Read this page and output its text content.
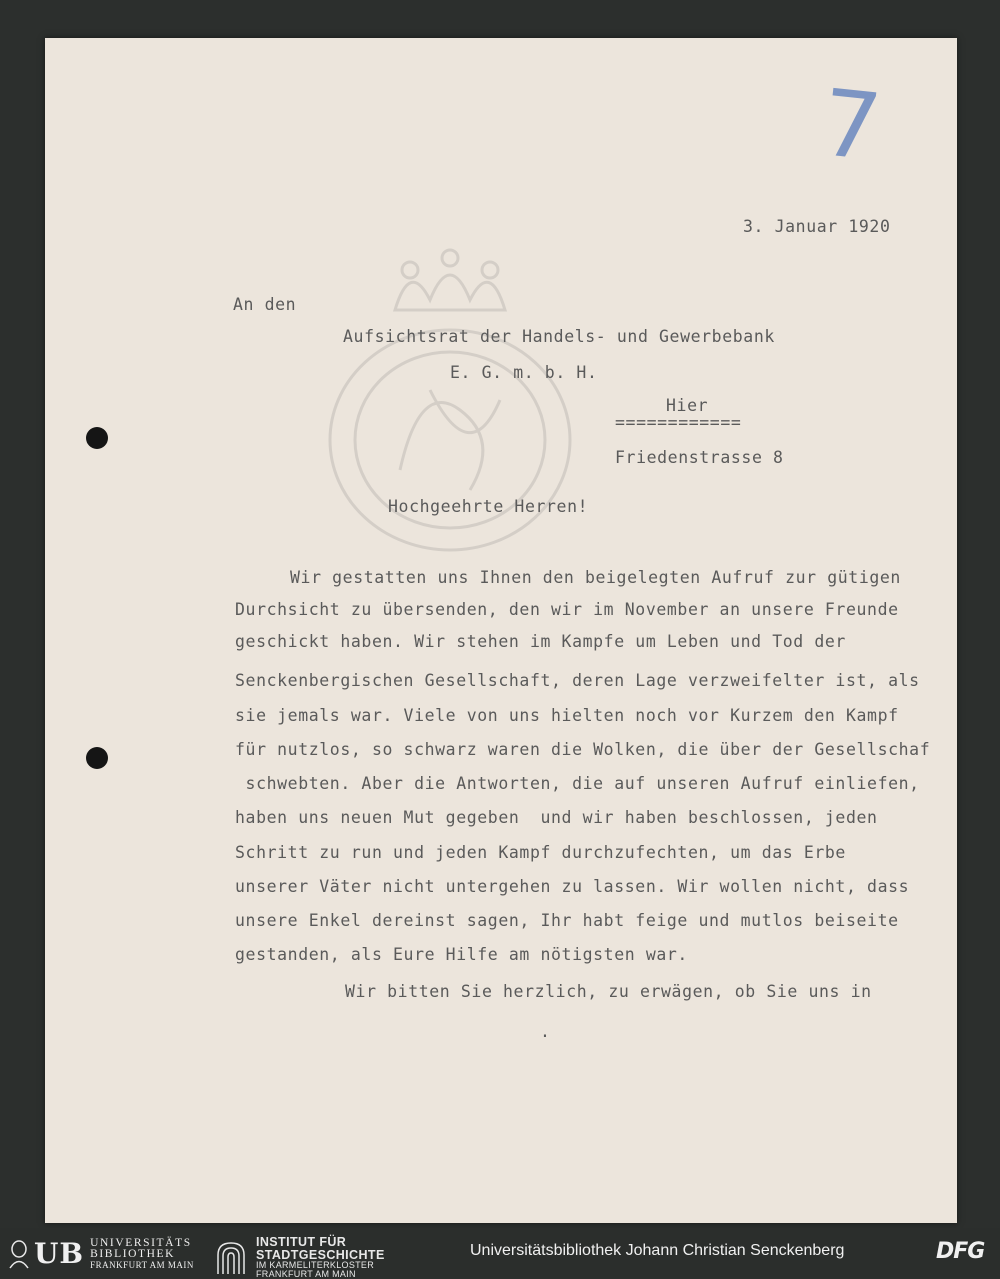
7
3. Januar 1920
An den
Aufsichtsrat der Handels- und Gewerbebank
E. G. m. b. H.
Hier
============
Friedenstrasse 8
Hochgeehrte Herren!
Wir gestatten uns Ihnen den beigelegten Aufruf zur gütigen
Durchsicht zu übersenden, den wir im November an unsere Freunde
geschickt haben. Wir stehen im Kampfe um Leben und Tod der
Senckenbergischen Gesellschaft, deren Lage verzweifelter ist, als
sie jemals war. Viele von uns hielten noch vor Kurzem den Kampf
für nutzlos, so schwarz waren die Wolken, die über der Gesellschaf
schwebten. Aber die Antworten, die auf unseren Aufruf einliefen,
haben uns neuen Mut gegeben  und wir haben beschlossen, jeden
Schritt zu run und jeden Kampf durchzufechten, um das Erbe
unserer Väter nicht untergehen zu lassen. Wir wollen nicht, dass
unsere Enkel dereinst sagen, Ihr habt feige und mutlos beiseite
gestanden, als Eure Hilfe am nötigsten war.
Wir bitten Sie herzlich, zu erwägen, ob Sie uns in
.
UB UNIVERSITÄTS
BIBLIOTHEK
FRANKFURT AM MAIN
INSTITUT FÜR
STADTGESCHICHTE
IM KARMELITERKLOSTER
FRANKFURT AM MAIN
Universitätsbibliothek Johann Christian Senckenberg	DFG
